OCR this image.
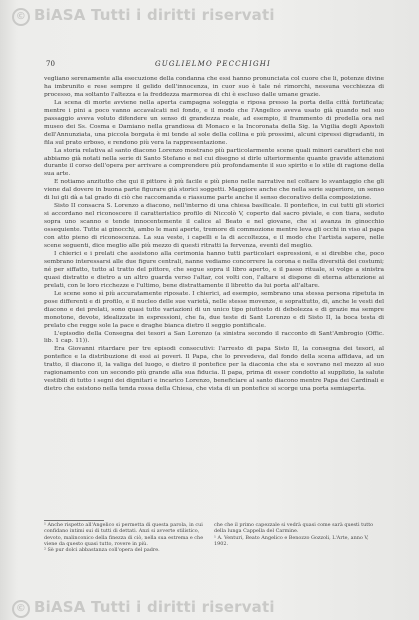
© BiASA Tutti i diritti riservati
70	GUGLIELMO PECCHIGHI

vegliano serenamente alla esecuzione della condanna che essi hanno pronunciata col cuore che li, potenze divine ha imbrunito e rese sempre il gelido dell'innocenza, in cuor suo è tale né rimorchi, nessuna vecchiezza di processo, ma soltanto l'altezza e la freddezza marmorea di chi è escluso dalle umane grazie.

La scena di morte avviene nella aperta campagna soleggia e riposa presso la porta della città fortificata; mentre i pini a poco vanno accavalcati nel fondo, e il modo che l'Angelico aveva usato già quando nel suo passaggio aveva voluto difendere un senso di grandezza reale, ad esempio, il frammento di predella ora nel museo dei Ss. Cosma e Damiano nella grandiosa di Monaco e la Incoronata della Sig. la Vigilia degli Apostoli dell'Annunziata, una piccola borgata è mi tende al sole della collina e più prossimi, alcuni cipressi digradanti, in fila sul prato erboso, e rendono più vera la rappresentazione.

La storia relativa al santo diacono Lorenzo mostrano più particolarmente scene quali minori caratteri che noi abbiamo già notati nella serie di Santo Stefano e nel cui disegno si dirle ulteriormente quante gravide attenzioni durante il corso dell'opera per arrivare a comprendere più profondamente il suo spirito e lo stile di ragione della sua arte.

E notiamo anzitutto che qui il pittore è più facile e più pieno nelle narrative nel coltare lo svantaggio che gli viene dal dovere in buona parte figurare già storici soggetti. Maggiore anche che nella serie superiore, un senso di lui gli dà a tal grado di ciò che raccomanda e riassume parte anche il senso decorativo della composizione.

Sisto II consacra S. Lorenzo a diacono, nell'interno di una chiesa basilicale. Il pontefice, in cui tutti gli storici si accordano nel riconoscere il caratteristico profilo di Niccolò V, coperto dal sacro piviale, e con tiara, seduto sopra uno scanno e tende innocentemente il calice al Beato e nel giovane, che si avanza in ginocchio ossequiente. Tutte ai ginocchi, ambo le mani aperte, tremore di commozione mentre leva gli occhi in viso al papa con atto pieno di riconoscenza. La sua veste, i capelli e la di accoltezza, e il modo che l'artista sapere, nelle scene seguenti, dice meglio alle più mezzo di questi ritratti la fervenza, eventi del meglio.

I chierici e i prelati che assistono alla cerimonia hanno tutti particolari espressioni, e si direbbe che, poco sembrano interessarsi alle due figure centrali, nanne vediamo concorrere la corona e nella diversità dei costumi; né per siffatto, tutto al tratto del pittore, che segue sopra il libro aperto, e il passo rituale, si volge a sinistra quasi distratto e dietro a un altro guarda verso l'altar, coi volti con, l'altare si dispone di eterna attenzione ai prelati, con le loro ricchezze e l'ultimo, bene distrattamente il libretto da lui porta all'altare.

Le scene sono sì più accuratamente riposate. I chierici, ad esempio, sembrano una stessa persona ripetuta in pose differenti e di profilo, e il nucleo delle sue varietà, nelle stesse movenze, e soprattutto, di, anche le vesti del diacono e dei prelati, sono quasi tutte variazioni di un unico tipo piuttosto di debolezza e di grazie ma sempre monotone, devote, idealizzate in espressioni, che fa, due teste di Sant Lorenzo e di Sisto II, la boca testa di prelato che regge sole la pace e draghe bianca dietro il seggio pontificale.

L'episodio della Consegna dei tesori a San Lorenzo (a sinistra secondo il racconto di Sant'Ambrogio (Offic. lib. 1 cap. 11)).

Era Giovanni ritardare per tre episodi consecutivi: l'arresto di papa Sisto II, la consegna dei tesori, al pontefice e la distribuzione di essi ai poveri. Il Papa, che lo prevedeva, dal fondo della scena affidava, ad un tratto, il diacono il, la valiga del luogo, e dietro il pontefice per la diaconia che sta e sovrano nel mezzo al suo ragionamento con un secondo più grande alla sua fiducia. Il papa, prima di esser condotto al supplizio, la salute vestibili di tutto i segni dei dignitari e incarico Lorenzo, beneficiare al santo diacono mentre Papa dei Cardinali e dietro che esistono nella tenda rossa della Chiesa, che vista di un pontefice si scorge una porta semiaperta.

¹ Anche rispetto all'Angelico si permetta di questa parola, in cui confidano intimi sui di tutti di dettati. Anzi si avverte stilistico, devoto, malinconico della finezza di ciò, nella sua estrema e che viene da questo quasi tutto, rovere in più.
² Sè pur dolci abbastanza coll'opera del padre.
che che il primo capezzale si vedrà quasi come sarà questi tutto della lunga Cappella del Carmine.
¹ A. Venturi, Beato Angelico e Benozzo Gozzoli, L'Arte, anno V, 1902.
© BiASA Tutti i diritti riservati
